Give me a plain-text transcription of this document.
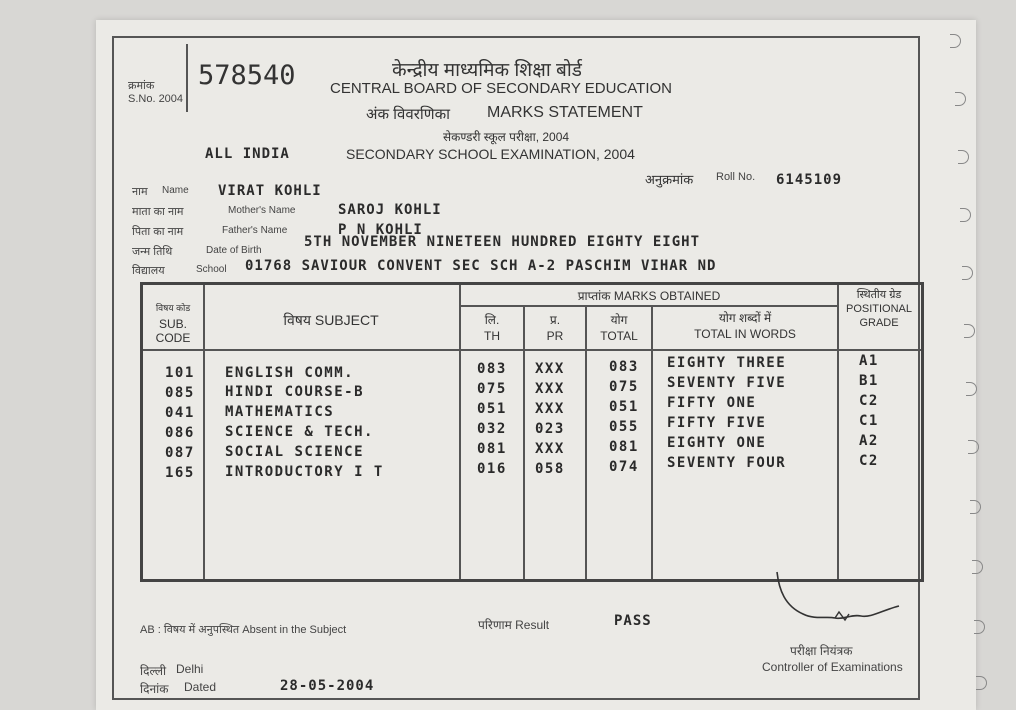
क्रमांक
S.No. 2004
578540	केन्द्रीय माध्यमिक शिक्षा बोर्ड
CENTRAL BOARD OF SECONDARY EDUCATION
अंक विवरणिका MARKS STATEMENT
सेकण्डरी स्कूल परीक्षा, 2004
ALL INDIA	SECONDARY SCHOOL EXAMINATION, 2004
अनुक्रमांक Roll No. 6145109
नाम Name VIRAT KOHLI
माता का नाम	Mother's Name	SAROJ KOHLI
पिता का नाम	Father's Name	P N KOHLI
जन्म तिथि	Date of Birth
5TH NOVEMBER NINETEEN HUNDRED EIGHTY EIGHT
विद्यालय	School 01768 SAVIOUR CONVENT SEC SCH A-2 PASCHIM VIHAR ND
विषय कोड
SUB.
CODE
विषय SUBJECT
प्राप्तांक MARKS OBTAINED
लि.
TH
प्र.
PR
योग
TOTAL
योग शब्दों में
TOTAL IN WORDS
स्थितीय ग्रेड
POSITIONAL
GRADE
101 ENGLISH COMM.	083 XXX	083 EIGHTY THREE	A1
085 HINDI COURSE-B	075 XXX	075 SEVENTY FIVE	B1
041 MATHEMATICS	051 XXX	051 FIFTY ONE	C2
086 SCIENCE & TECH.	032 023	055 FIFTY FIVE	C1
087 SOCIAL SCIENCE	081 XXX	081 EIGHTY ONE	A2
165 INTRODUCTORY I T	016 058	074 SEVENTY FOUR	C2
AB : विषय में अनुपस्थित Absent in the Subject	परिणाम Result	PASS
परीक्षा नियंत्रक
Controller of Examinations
दिल्ली Delhi
दिनांक Dated	28-05-2004
